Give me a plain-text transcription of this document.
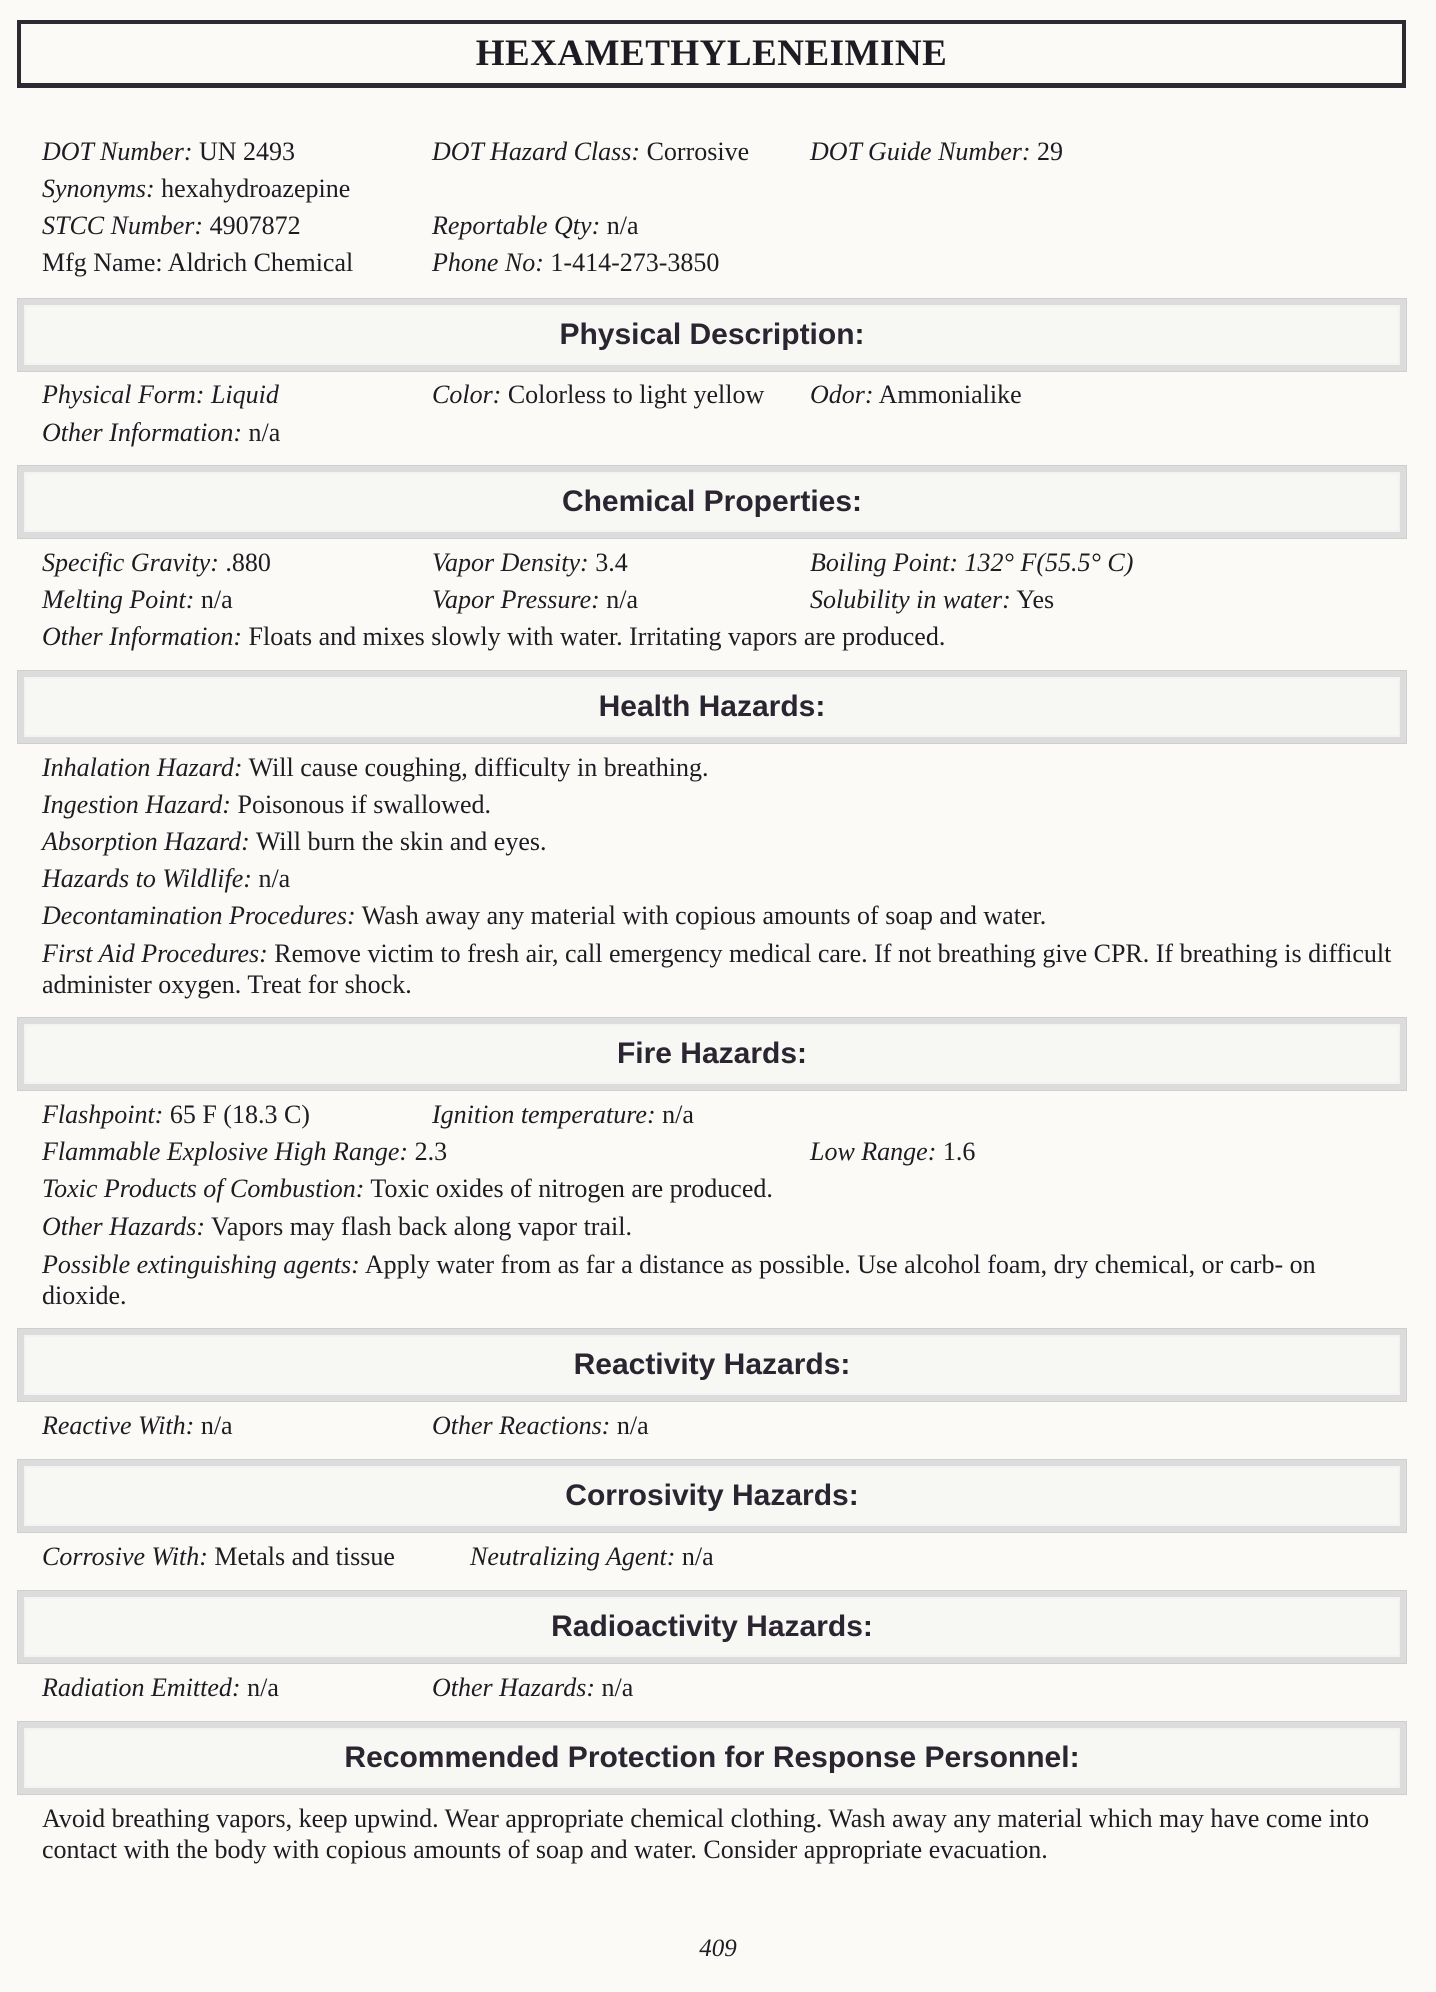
HEXAMETHYLENEIMINE
DOT Number: UN 2493	DOT Hazard Class: Corrosive DOT Guide Number: 29
Synonyms: hexahydroazepine
STCC Number: 4907872	Reportable Qty: n/a
Mfg Name: Aldrich Chemical	Phone No: 1-414-273-3850
Physical Description:
Physical Form: Liquid	Color: Colorless to light yellow Odor: Ammonialike
Other Information: n/a
Chemical Properties:
Specific Gravity: .880	Vapor Density: 3.4	Boiling Point: 132° F(55.5° C)
Melting Point: n/a	Vapor Pressure: n/a	Solubility in water: Yes
Other Information: Floats and mixes slowly with water. Irritating vapors are produced.
Health Hazards:
Inhalation Hazard: Will cause coughing, difficulty in breathing.
Ingestion Hazard: Poisonous if swallowed.
Absorption Hazard: Will burn the skin and eyes.
Hazards to Wildlife: n/a
Decontamination Procedures: Wash away any material with copious amounts of soap and water.
First Aid Procedures: Remove victim to fresh air, call emergency medical care. If not breathing give CPR. If breathing is difficult administer oxygen. Treat for shock.
Fire Hazards:
Flashpoint: 65 F (18.3 C)	Ignition temperature: n/a
Flammable Explosive High Range: 2.3	Low Range: 1.6
Toxic Products of Combustion: Toxic oxides of nitrogen are produced.
Other Hazards: Vapors may flash back along vapor trail.
Possible extinguishing agents: Apply water from as far a distance as possible. Use alcohol foam, dry chemical, or carb- on dioxide.
Reactivity Hazards:
Reactive With: n/a	Other Reactions: n/a
Corrosivity Hazards:
Corrosive With: Metals and tissue	Neutralizing Agent: n/a
Radioactivity Hazards:
Radiation Emitted: n/a	Other Hazards: n/a
Recommended Protection for Response Personnel:
Avoid breathing vapors, keep upwind. Wear appropriate chemical clothing. Wash away any material which may have come into contact with the body with copious amounts of soap and water. Consider appropriate evacuation.
409
